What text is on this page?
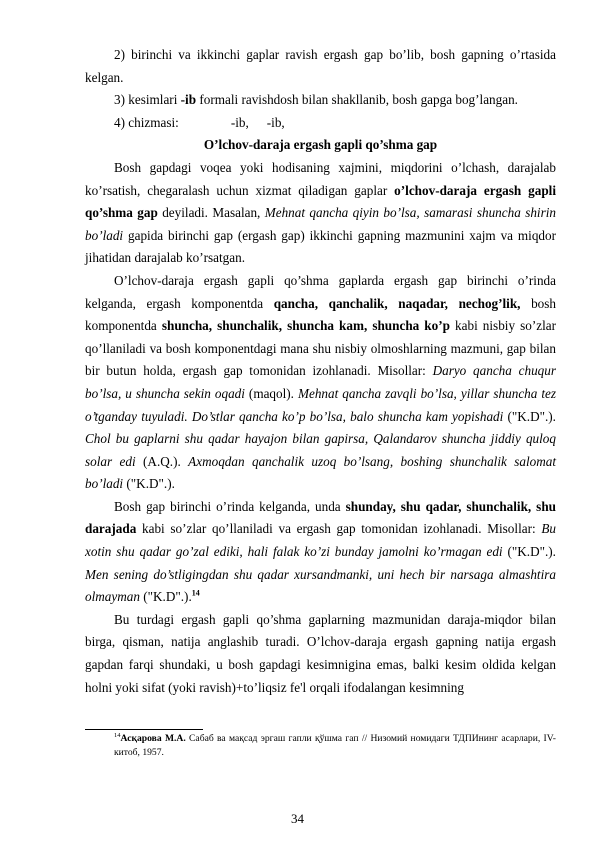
2) birinchi va ikkinchi gaplar ravish ergash gap bo’lib, bosh gapning o’rtasida kelgan.

3) kesimlari -ib formali ravishdosh bilan shakllanib, bosh gapga bog’langan.

4) chizmasi:	-ib, -ib,

O’lchov-daraja ergash gapli qo’shma gap

Bosh gapdagi voqea yoki hodisaning xajmini, miqdorini o’lchash, darajalab ko’rsatish, chegaralash uchun xizmat qiladigan gaplar o’lchov-daraja ergash gapli qo’shma gap deyiladi. Masalan, Mehnat qancha qiyin bo’lsa, samarasi shuncha shirin bo’ladi gapida birinchi gap (ergash gap) ikkinchi gapning mazmunini xajm va miqdor jihatidan darajalab ko’rsatgan.

O’lchov-daraja ergash gapli qo’shma gaplarda ergash gap birinchi o’rinda kelganda, ergash komponentda qancha, qanchalik, naqadar, nechog’lik, bosh komponentda shuncha, shunchalik, shuncha kam, shuncha ko’p kabi nisbiy so’zlar qo’llaniladi va bosh komponentdagi mana shu nisbiy olmoshlarning mazmuni, gap bilan bir butun holda, ergash gap tomonidan izohlanadi. Misollar: Daryo qancha chuqur bo’lsa, u shuncha sekin oqadi (maqol). Mehnat qancha zavqli bo’lsa, yillar shuncha tez o’tganday tuyuladi. Do’stlar qancha ko’p bo’lsa, balo shuncha kam yopishadi ("K.D".). Chol bu gaplarni shu qadar hayajon bilan gapirsa, Qalandarov shuncha jiddiy quloq solar edi (A.Q.). Axmoqdan qanchalik uzoq bo’lsang, boshing shunchalik salomat bo’ladi ("K.D".).

Bosh gap birinchi o’rinda kelganda, unda shunday, shu qadar, shunchalik, shu darajada kabi so’zlar qo’llaniladi va ergash gap tomonidan izohlanadi. Misollar: Bu xotin shu qadar go’zal ediki, hali falak ko’zi bunday jamolni ko’rmagan edi ("K.D".). Men sening do’stligingdan shu qadar xursandmanki, uni hech bir narsaga almashtira olmayman ("K.D".).$^{14}$

Bu turdagi ergash gapli qo’shma gaplarning mazmunidan daraja-miqdor bilan birga, qisman, natija anglashib turadi. O’lchov-daraja ergash gapning natija ergash gapdan farqi shundaki, u bosh gapdagi kesimnigina emas, balki kesim oldida kelgan holni yoki sifat (yoki ravish)+to’liqsiz fe'l orqali ifodalangan kesimning

$^{14}$Асқарова М.А. Сабаб ва мақсад эргаш гапли қўшма гап // Низомий номидаги ТДПИнинг асарлари, IV-китоб, 1957.
34
